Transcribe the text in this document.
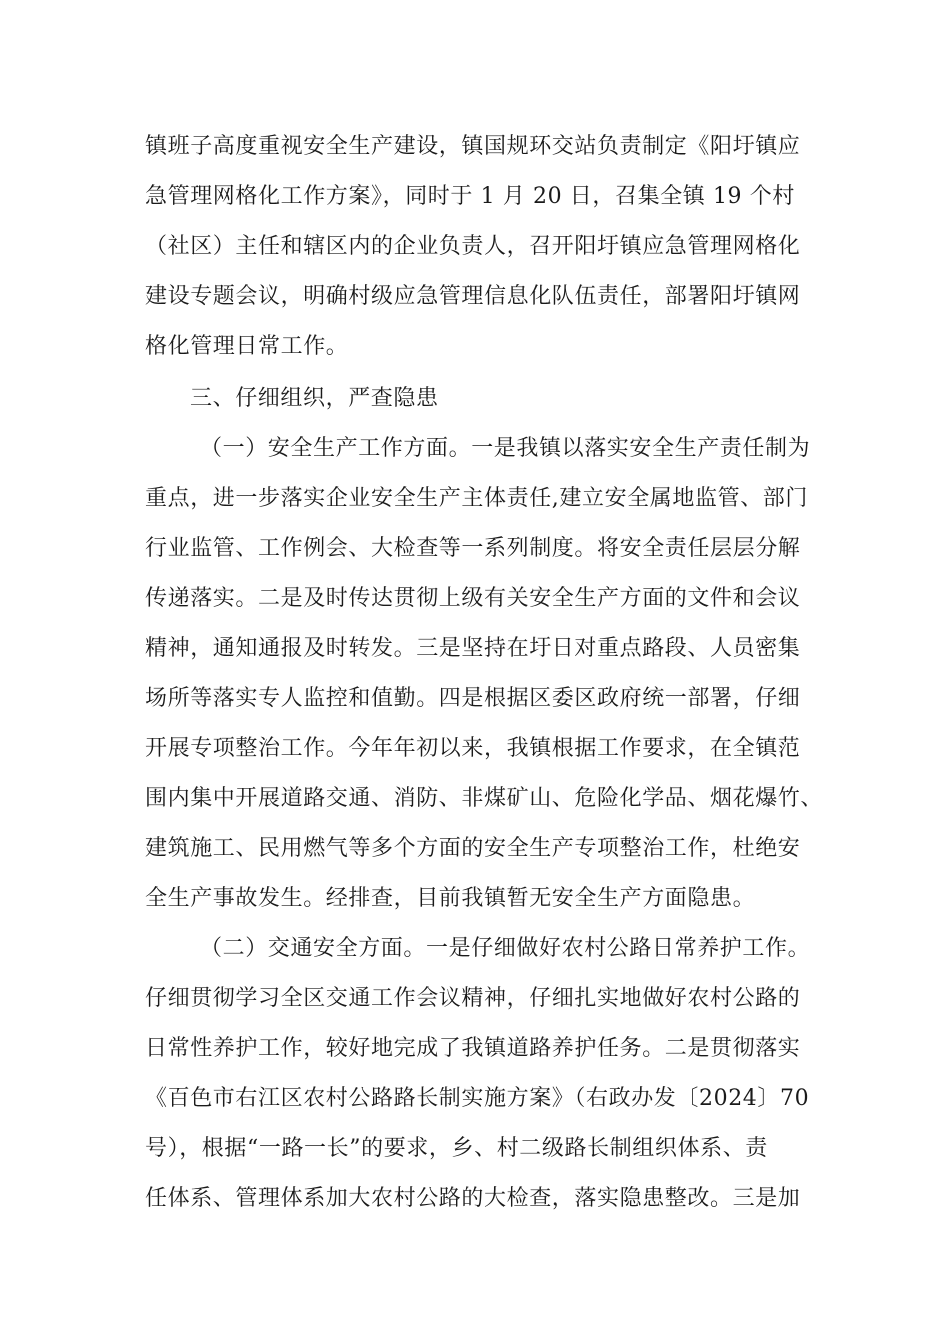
镇班子高度重视安全生产建设，镇国规环交站负责制定《阳圩镇应
急管理网格化工作方案》，同时于 1 月 20 日，召集全镇 19 个村
（社区）主任和辖区内的企业负责人，召开阳圩镇应急管理网格化
建设专题会议，明确村级应急管理信息化队伍责任，部署阳圩镇网
格化管理日常工作。
三、仔细组织，严查隐患
（一）安全生产工作方面。一是我镇以落实安全生产责任制为
重点，进一步落实企业安全生产主体责任,建立安全属地监管、部门
行业监管、工作例会、大检查等一系列制度。将安全责任层层分解
传递落实。二是及时传达贯彻上级有关安全生产方面的文件和会议
精神，通知通报及时转发。三是坚持在圩日对重点路段、人员密集
场所等落实专人监控和值勤。四是根据区委区政府统一部署，仔细
开展专项整治工作。今年年初以来，我镇根据工作要求，在全镇范
围内集中开展道路交通、消防、非煤矿山、危险化学品、烟花爆竹、
建筑施工、民用燃气等多个方面的安全生产专项整治工作，杜绝安
全生产事故发生。经排查，目前我镇暂无安全生产方面隐患。
（二）交通安全方面。一是仔细做好农村公路日常养护工作。
仔细贯彻学习全区交通工作会议精神，仔细扎实地做好农村公路的
日常性养护工作，较好地完成了我镇道路养护任务。二是贯彻落实
《百色市右江区农村公路路长制实施方案》（右政办发〔2024〕70
号），根据“一路一长”的要求，乡、村二级路长制组织体系、责
任体系、管理体系加大农村公路的大检查，落实隐患整改。三是加
